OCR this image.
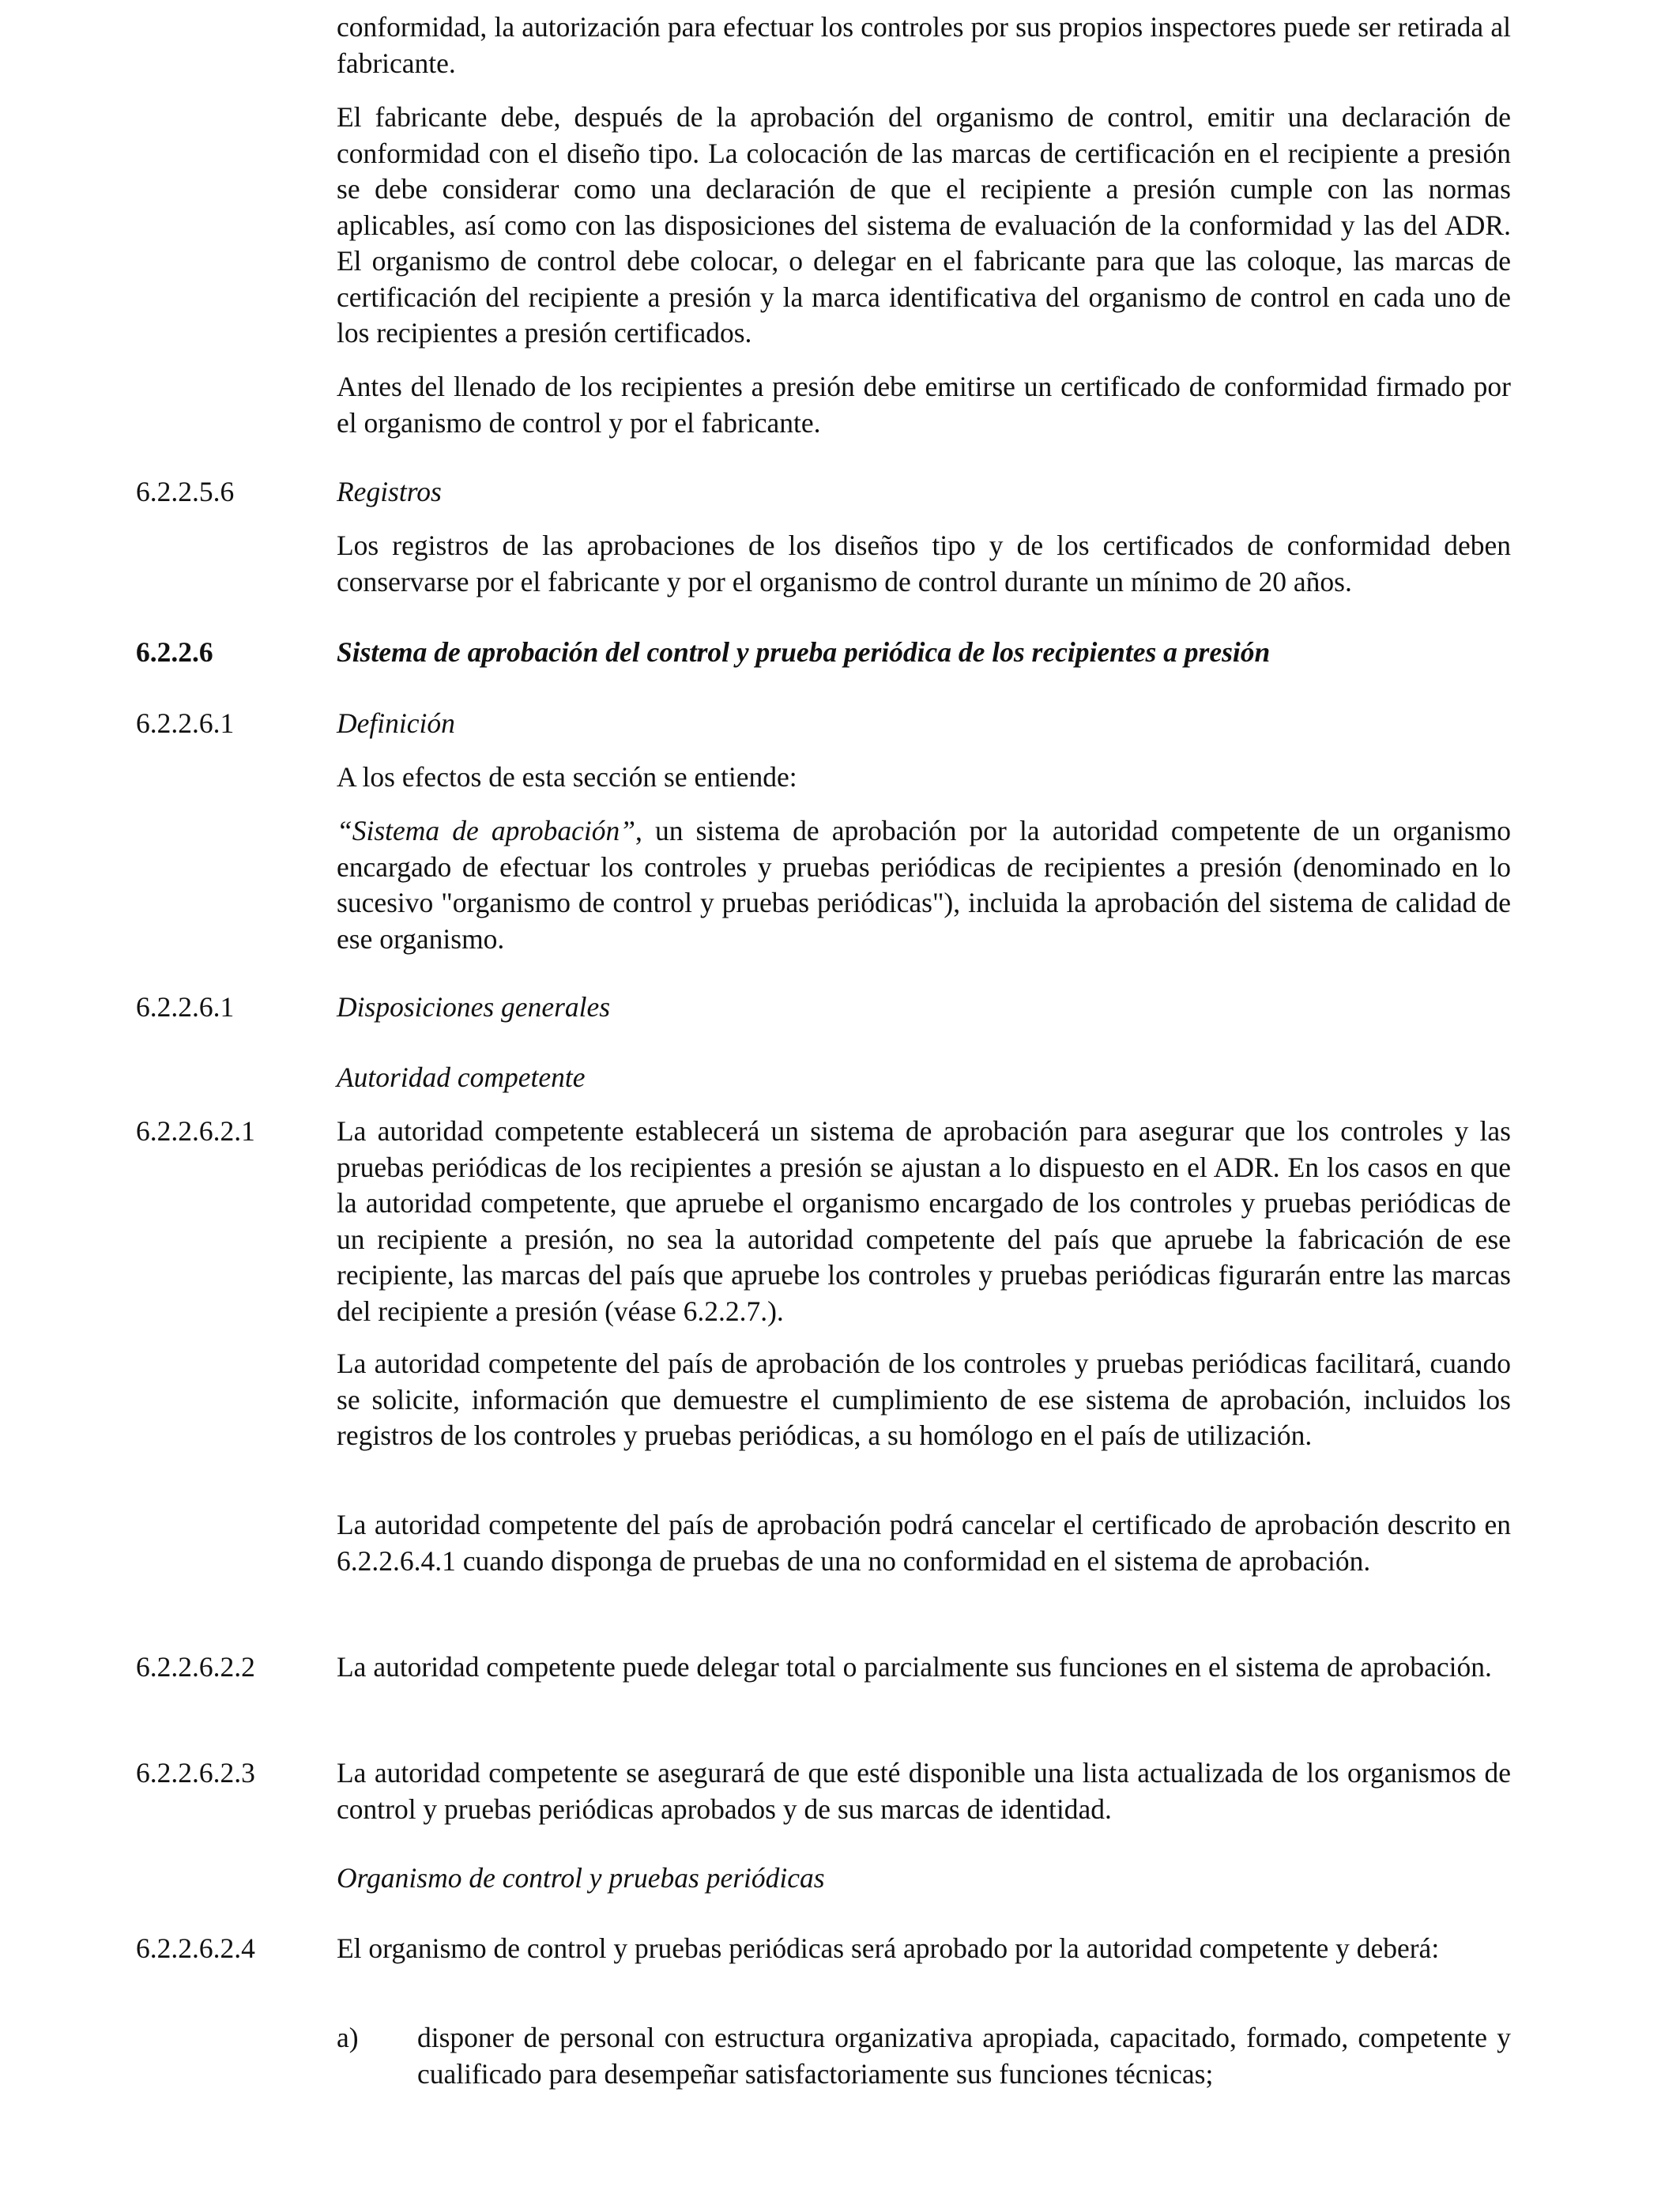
conformidad, la autorización para efectuar los controles por sus propios inspectores puede ser retirada al fabricante.

El fabricante debe, después de la aprobación del organismo de control, emitir una declaración de conformidad con el diseño tipo. La colocación de las marcas de certificación en el recipiente a presión se debe considerar como una declaración de que el recipiente a presión cumple con las normas aplicables, así como con las disposiciones del sistema de evaluación de la conformidad y las del ADR. El organismo de control debe colocar, o delegar en el fabricante para que las coloque, las marcas de certificación del recipiente a presión y la marca identificativa del organismo de control en cada uno de los recipientes a presión certificados.

Antes del llenado de los recipientes a presión debe emitirse un certificado de conformidad firmado por el organismo de control y por el fabricante.

6.2.2.5.6	Registros

Los registros de las aprobaciones de los diseños tipo y de los certificados de conformidad deben conservarse por el fabricante y por el organismo de control durante un mínimo de 20 años.

6.2.2.6	Sistema de aprobación del control y prueba periódica de los recipientes a presión
6.2.2.6.1	Definición
A los efectos de esta sección se entiende:

“Sistema de aprobación”, un sistema de aprobación por la autoridad competente de un organismo encargado de efectuar los controles y pruebas periódicas de recipientes a presión (denominado en lo sucesivo "organismo de control y pruebas periódicas"), incluida la aprobación del sistema de calidad de ese organismo.

6.2.2.6.1	Disposiciones generales
Autoridad competente
6.2.2.6.2.1	La autoridad competente establecerá un sistema de aprobación para asegurar que los controles y las pruebas periódicas de los recipientes a presión se ajustan a lo dispuesto en el ADR. En los casos en que la autoridad competente, que apruebe el organismo encargado de los controles y pruebas periódicas de un recipiente a presión, no sea la autoridad competente del país que apruebe la fabricación de ese recipiente, las marcas del país que apruebe los controles y pruebas periódicas figurarán entre las marcas del recipiente a presión (véase 6.2.2.7.).

La autoridad competente del país de aprobación de los controles y pruebas periódicas facilitará, cuando se solicite, información que demuestre el cumplimiento de ese sistema de aprobación, incluidos los registros de los controles y pruebas periódicas, a su homólogo en el país de utilización.

La autoridad competente del país de aprobación podrá cancelar el certificado de aprobación descrito en 6.2.2.6.4.1 cuando disponga de pruebas de una no conformidad en el sistema de aprobación.

6.2.2.6.2.2	La autoridad competente puede delegar total o parcialmente sus funciones en el sistema de aprobación.

6.2.2.6.2.3	La autoridad competente se asegurará de que esté disponible una lista actualizada de los organismos de control y pruebas periódicas aprobados y de sus marcas de identidad.

Organismo de control y pruebas periódicas
6.2.2.6.2.4	El organismo de control y pruebas periódicas será aprobado por la autoridad competente y deberá:

a) disponer de personal con estructura organizativa apropiada, capacitado, formado, competente y cualificado para desempeñar satisfactoriamente sus funciones técnicas;
